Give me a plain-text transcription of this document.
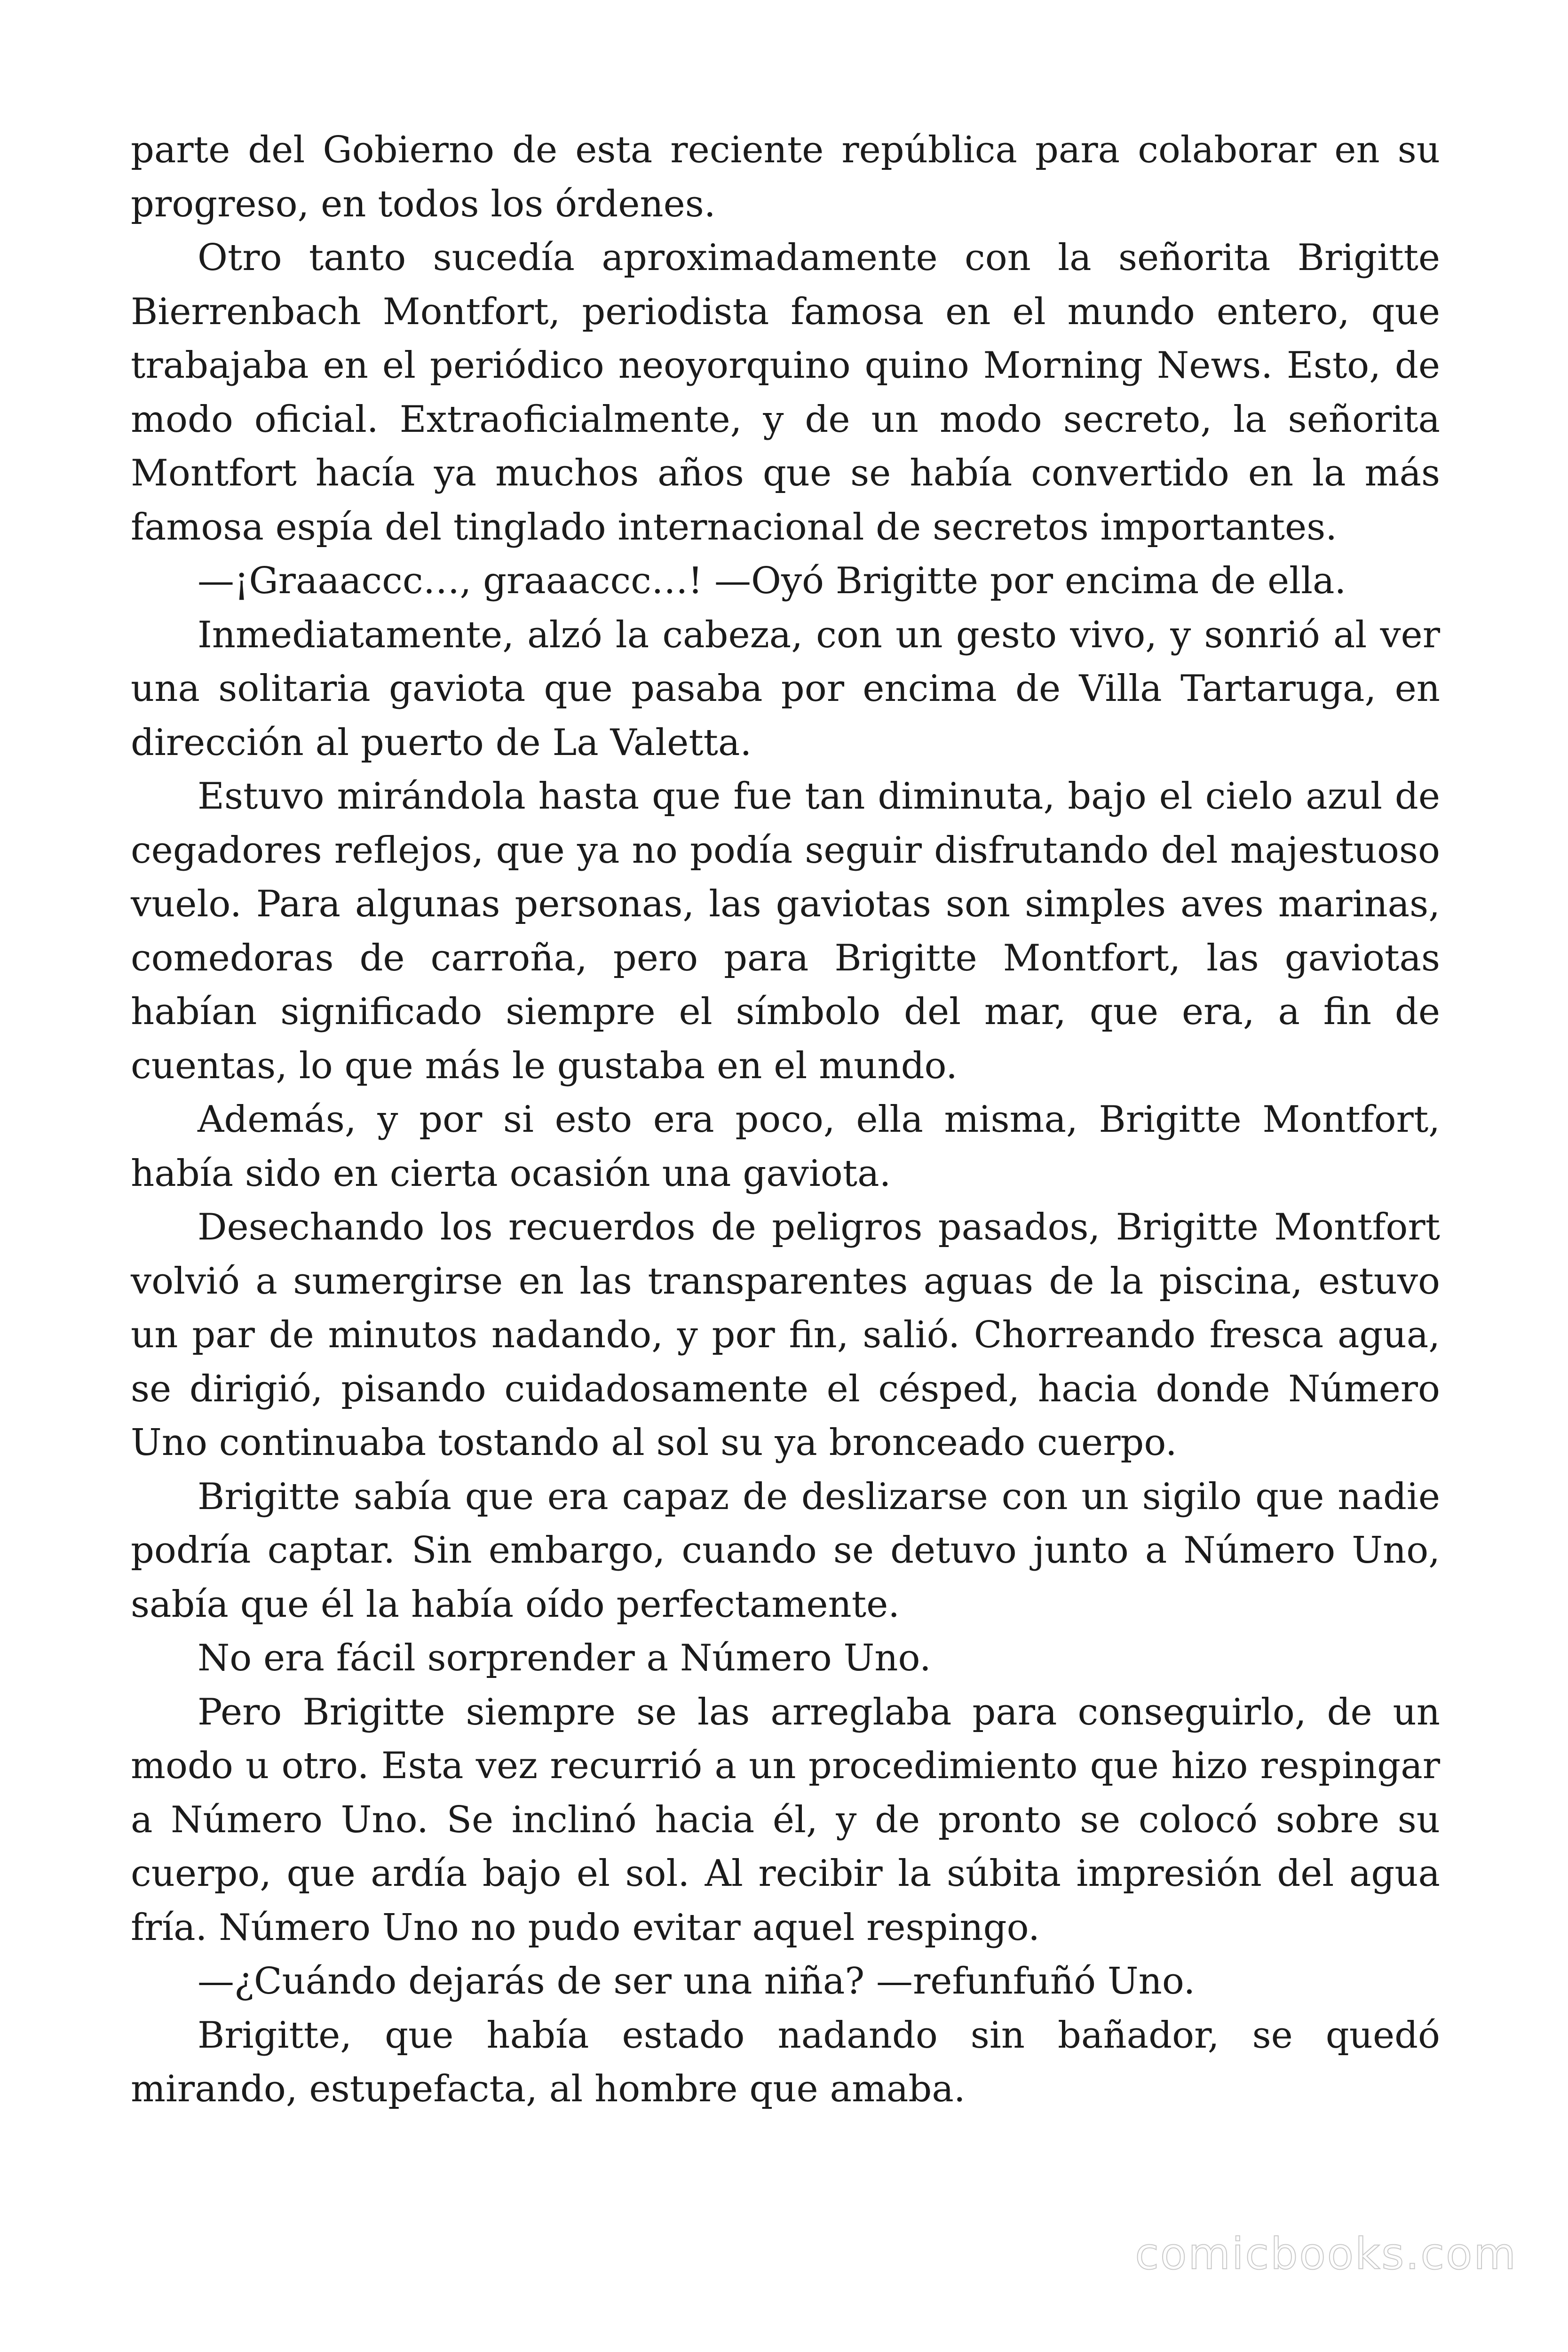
parte del Gobierno de esta reciente república para colaborar en su progreso, en todos los órdenes.

Otro tanto sucedía aproximadamente con la señorita Brigitte Bierrenbach Montfort, periodista famosa en el mundo entero, que trabajaba en el periódico neoyorquino quino Morning News. Esto, de modo oficial. Extraoficialmente, y de un modo secreto, la señorita Montfort hacía ya muchos años que se había convertido en la más famosa espía del tinglado internacional de secretos importantes.

—¡Graaaccc…, graaaccc…! —Oyó Brigitte por encima de ella.

Inmediatamente, alzó la cabeza, con un gesto vivo, y sonrió al ver una solitaria gaviota que pasaba por encima de Villa Tartaruga, en dirección al puerto de La Valetta.

Estuvo mirándola hasta que fue tan diminuta, bajo el cielo azul de cegadores reflejos, que ya no podía seguir disfrutando del majestuoso vuelo. Para algunas personas, las gaviotas son simples aves marinas, comedoras de carroña, pero para Brigitte Montfort, las gaviotas habían significado siempre el símbolo del mar, que era, a fin de cuentas, lo que más le gustaba en el mundo.

Además, y por si esto era poco, ella misma, Brigitte Montfort, había sido en cierta ocasión una gaviota.

Desechando los recuerdos de peligros pasados, Brigitte Montfort volvió a sumergirse en las transparentes aguas de la piscina, estuvo un par de minutos nadando, y por fin, salió. Chorreando fresca agua, se dirigió, pisando cuidadosamente el césped, hacia donde Número Uno continuaba tostando al sol su ya bronceado cuerpo.

Brigitte sabía que era capaz de deslizarse con un sigilo que nadie podría captar. Sin embargo, cuando se detuvo junto a Número Uno, sabía que él la había oído perfectamente.

No era fácil sorprender a Número Uno.

Pero Brigitte siempre se las arreglaba para conseguirlo, de un modo u otro. Esta vez recurrió a un procedimiento que hizo respingar a Número Uno. Se inclinó hacia él, y de pronto se colocó sobre su cuerpo, que ardía bajo el sol. Al recibir la súbita impresión del agua fría. Número Uno no pudo evitar aquel respingo.

—¿Cuándo dejarás de ser una niña? —refunfuñó Uno.

Brigitte, que había estado nadando sin bañador, se quedó mirando, estupefacta, al hombre que amaba.

comicbooks.com
